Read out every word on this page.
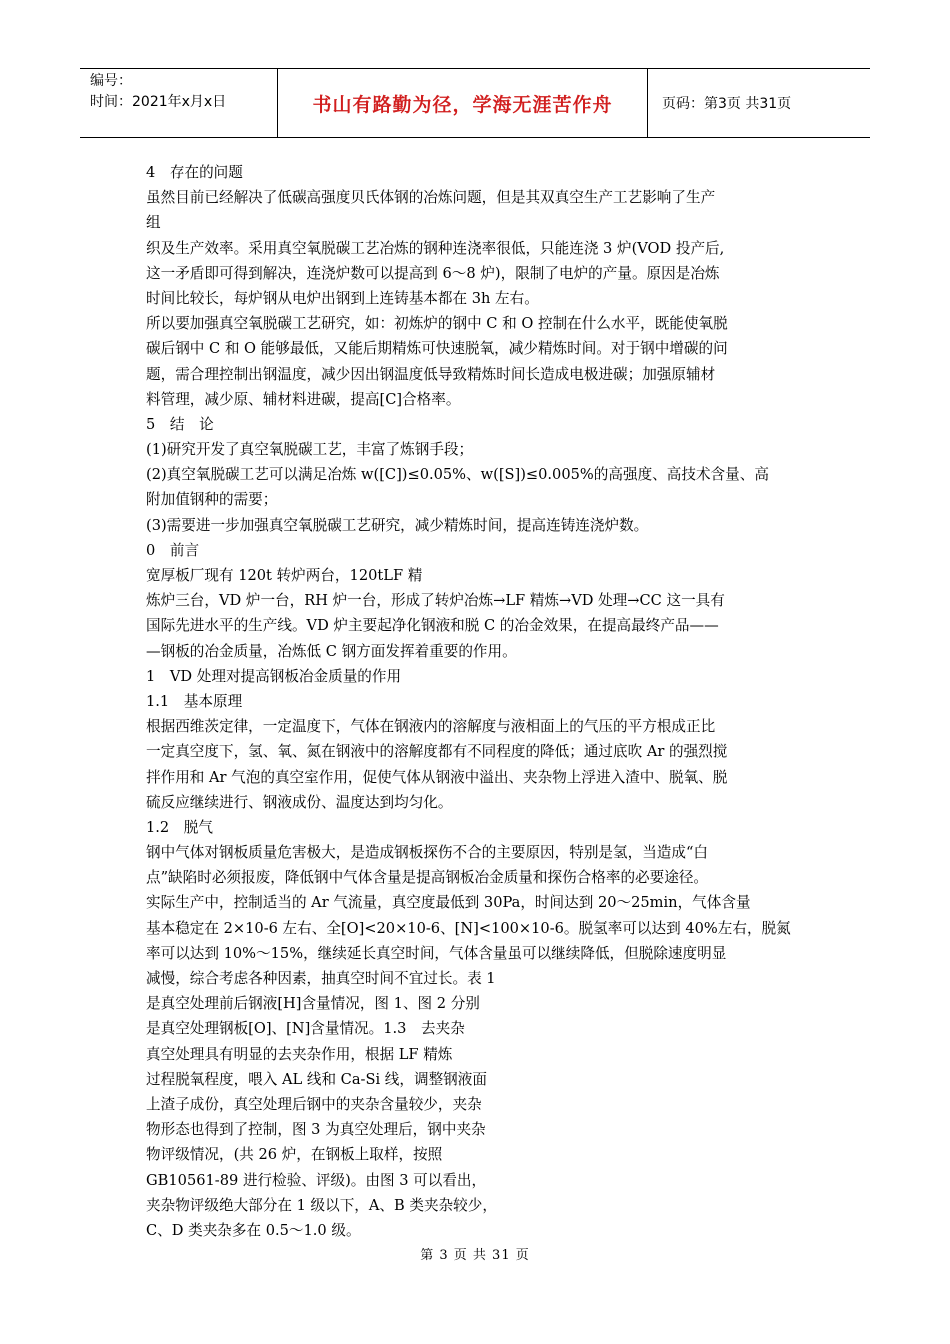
编号：
时间：2021年x月x日	书山有路勤为径，学海无涯苦作舟	页码：第3页 共31页
4　存在的问题
虽然目前已经解决了低碳高强度贝氏体钢的冶炼问题，但是其双真空生产工艺影响了生产
组
织及生产效率。采用真空氧脱碳工艺冶炼的钢种连浇率很低，只能连浇 3 炉(VOD 投产后,
这一矛盾即可得到解决，连浇炉数可以提高到 6～8 炉)，限制了电炉的产量。原因是冶炼
时间比较长，每炉钢从电炉出钢到上连铸基本都在 3h 左右。
所以要加强真空氧脱碳工艺研究，如：初炼炉的钢中 C 和 O 控制在什么水平，既能使氧脱
碳后钢中 C 和 O 能够最低，又能后期精炼可快速脱氧，减少精炼时间。对于钢中增碳的问
题，需合理控制出钢温度，减少因出钢温度低导致精炼时间长造成电极进碳；加强原辅材
料管理，减少原、辅材料进碳，提高[C]合格率。
5　结　论
(1)研究开发了真空氧脱碳工艺，丰富了炼钢手段；
(2)真空氧脱碳工艺可以满足冶炼 w([C])≤0.05%、w([S])≤0.005%的高强度、高技术含量、高
附加值钢种的需要；
(3)需要进一步加强真空氧脱碳工艺研究，减少精炼时间，提高连铸连浇炉数。
0　前言
宽厚板厂现有 120t 转炉两台，120tLF 精
炼炉三台，VD 炉一台，RH 炉一台，形成了转炉冶炼→LF 精炼→VD 处理→CC 这一具有
国际先进水平的生产线。VD 炉主要起净化钢液和脱 C 的冶金效果，在提高最终产品——
—钢板的冶金质量，冶炼低 C 钢方面发挥着重要的作用。
1　VD 处理对提高钢板冶金质量的作用
1.1　基本原理
根据西维茨定律，一定温度下，气体在钢液内的溶解度与液相面上的气压的平方根成正比
一定真空度下，氢、氧、氮在钢液中的溶解度都有不同程度的降低；通过底吹 Ar 的强烈搅
拌作用和 Ar 气泡的真空室作用，促使气体从钢液中溢出、夹杂物上浮进入渣中、脱氧、脱
硫反应继续进行、钢液成份、温度达到均匀化。
1.2　脱气
钢中气体对钢板质量危害极大，是造成钢板探伤不合的主要原因，特别是氢，当造成“白
点”缺陷时必须报废，降低钢中气体含量是提高钢板冶金质量和探伤合格率的必要途径。
实际生产中，控制适当的 Ar 气流量，真空度最低到 30Pa，时间达到 20～25min，气体含量
基本稳定在 2×10-6 左右、全[O]<20×10-6、[N]<100×10-6。脱氢率可以达到 40%左右，脱氮
率可以达到 10%～15%，继续延长真空时间，气体含量虽可以继续降低，但脱除速度明显
减慢，综合考虑各种因素，抽真空时间不宜过长。表 1
是真空处理前后钢液[H]含量情况，图 1、图 2 分别
是真空处理钢板[O]、[N]含量情况。1.3　去夹杂
真空处理具有明显的去夹杂作用，根据 LF 精炼
过程脱氧程度，喂入 AL 线和 Ca-Si 线，调整钢液面
上渣子成份，真空处理后钢中的夹杂含量较少，夹杂
物形态也得到了控制，图 3 为真空处理后，钢中夹杂
物评级情况，(共 26 炉，在钢板上取样，按照
GB10561-89 进行检验、评级)。由图 3 可以看出，
夹杂物评级绝大部分在 1 级以下，A、B 类夹杂较少，
C、D 类夹杂多在 0.5～1.0 级。
第 3 页 共 31 页
